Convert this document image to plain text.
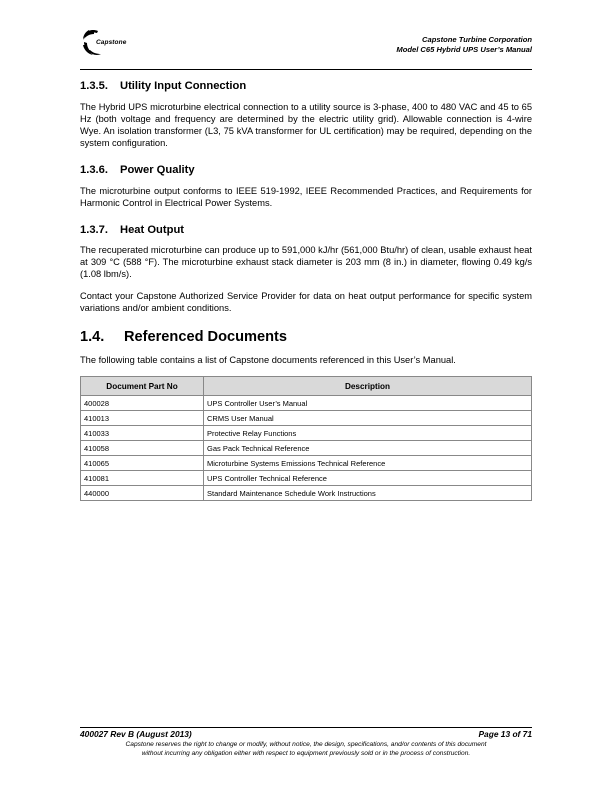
Capstone	Capstone Turbine Corporation
Model C65 Hybrid UPS User’s Manual
1.3.5. Utility Input Connection
The Hybrid UPS microturbine electrical connection to a utility source is 3-phase, 400 to 480 VAC and 45 to 65 Hz (both voltage and frequency are determined by the electric utility grid). Allowable connection is 4-wire Wye. An isolation transformer (L3, 75 kVA transformer for UL certification) may be required, depending on the system configuration.
1.3.6. Power Quality
The microturbine output conforms to IEEE 519-1992, IEEE Recommended Practices, and Requirements for Harmonic Control in Electrical Power Systems.
1.3.7. Heat Output
The recuperated microturbine can produce up to 591,000 kJ/hr (561,000 Btu/hr) of clean, usable exhaust heat at 309 °C (588 °F). The microturbine exhaust stack diameter is 203 mm (8 in.) in diameter, flowing 0.49 kg/s (1.08 lbm/s).
Contact your Capstone Authorized Service Provider for data on heat output performance for specific system variations and/or ambient conditions.
1.4. Referenced Documents
The following table contains a list of Capstone documents referenced in this User’s Manual.
Document Part No	Description
400028	UPS Controller User’s Manual
410013	CRMS User Manual
410033	Protective Relay Functions
410058	Gas Pack Technical Reference
410065	Microturbine Systems Emissions Technical Reference
410081	UPS Controller Technical Reference
440000	Standard Maintenance Schedule Work Instructions
400027 Rev B (August 2013)	Page 13 of 71
Capstone reserves the right to change or modify, without notice, the design, specifications, and/or contents of this document
without incurring any obligation either with respect to equipment previously sold or in the process of construction.
